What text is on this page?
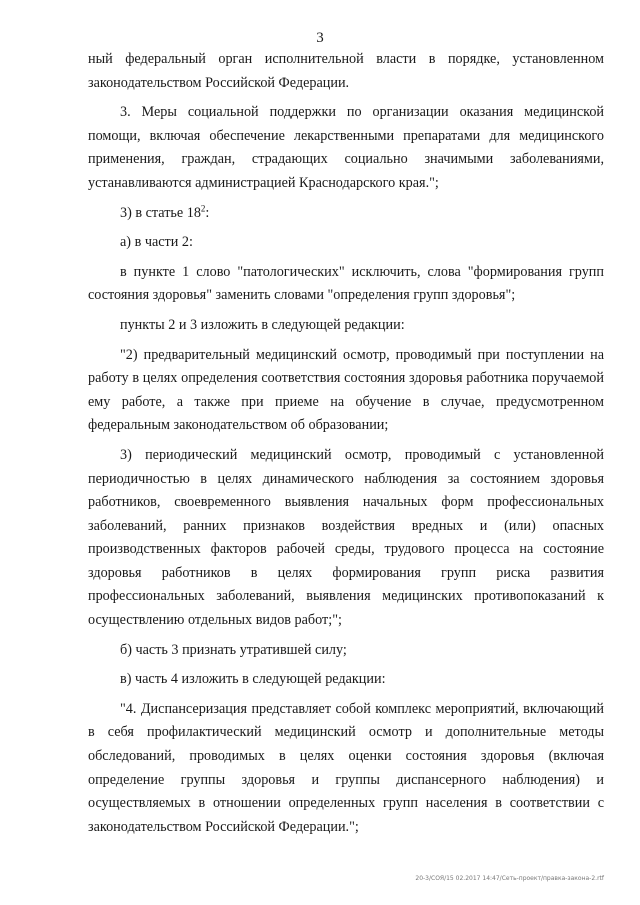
3

ный федеральный орган исполнительной власти в порядке, установленном законодательством Российской Федерации.

3. Меры социальной поддержки по организации оказания медицинской помощи, включая обеспечение лекарственными препаратами для медицинского применения, граждан, страдающих социально значимыми заболеваниями, устанавливаются администрацией Краснодарского края.";

3) в статье $18^2$:

а) в части 2:

в пункте 1 слово "патологических" исключить, слова "формирования групп состояния здоровья" заменить словами "определения групп здоровья";

пункты 2 и 3 изложить в следующей редакции:

"2) предварительный медицинский осмотр, проводимый при поступлении на работу в целях определения соответствия состояния здоровья работника поручаемой ему работе, а также при приеме на обучение в случае, предусмотренном федеральным законодательством об образовании;

3) периодический медицинский осмотр, проводимый с установленной периодичностью в целях динамического наблюдения за состоянием здоровья работников, своевременного выявления начальных форм профессиональных заболеваний, ранних признаков воздействия вредных и (или) опасных производственных факторов рабочей среды, трудового процесса на состояние здоровья работников в целях формирования групп риска развития профессиональных заболеваний, выявления медицинских противопоказаний к осуществлению отдельных видов работ;";

б) часть 3 признать утратившей силу;

в) часть 4 изложить в следующей редакции:

"4. Диспансеризация представляет собой комплекс мероприятий, включающий в себя профилактический медицинский осмотр и дополнительные методы обследований, проводимых в целях оценки состояния здоровья (включая определение группы здоровья и группы диспансерного наблюдения) и осуществляемых в отношении определенных групп населения в соответствии с законодательством Российской Федерации.";

20-3/СОЯ/15 02.2017 14:47/Сеть-проект/правка-закона-2.rtf
